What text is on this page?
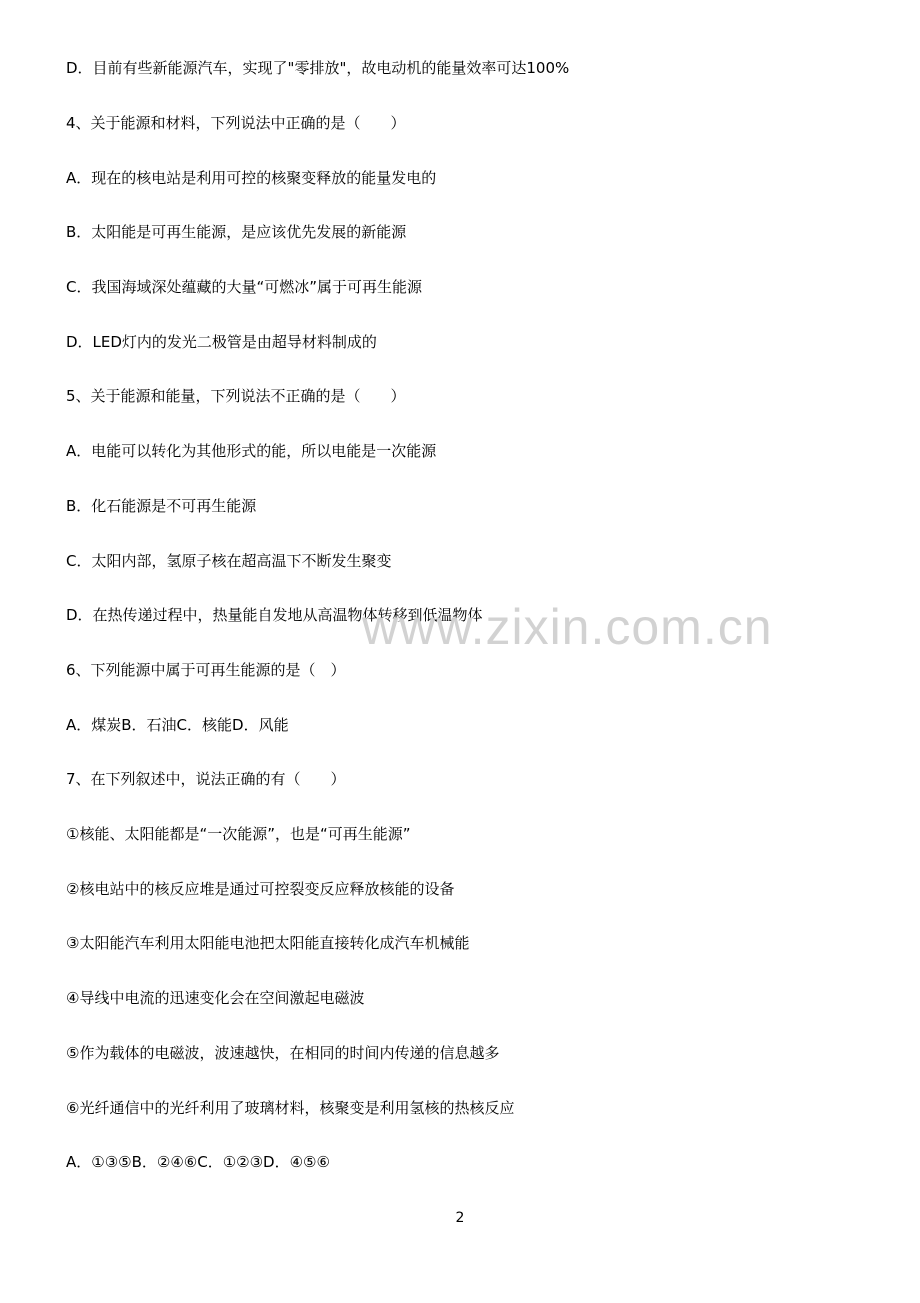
D．目前有些新能源汽车，实现了"零排放"，故电动机的能量效率可达100%
4、关于能源和材料，下列说法中正确的是（　　）
A．现在的核电站是利用可控的核聚变释放的能量发电的
B．太阳能是可再生能源，是应该优先发展的新能源
C．我国海域深处蕴藏的大量“可燃冰”属于可再生能源
D．LED灯内的发光二极管是由超导材料制成的
5、关于能源和能量，下列说法不正确的是（　　）
A．电能可以转化为其他形式的能，所以电能是一次能源
B．化石能源是不可再生能源
C．太阳内部，氢原子核在超高温下不断发生聚变
D．在热传递过程中，热量能自发地从高温物体转移到低温物体
6、下列能源中属于可再生能源的是（　）
A．煤炭B．石油C．核能D．风能
7、在下列叙述中，说法正确的有（　　）
①核能、太阳能都是“一次能源”，也是“可再生能源”
②核电站中的核反应堆是通过可控裂变反应释放核能的设备
③太阳能汽车利用太阳能电池把太阳能直接转化成汽车机械能
④导线中电流的迅速变化会在空间激起电磁波
⑤作为载体的电磁波，波速越快，在相同的时间内传递的信息越多
⑥光纤通信中的光纤利用了玻璃材料，核聚变是利用氢核的热核反应
A．①③⑤B．②④⑥C．①②③D．④⑤⑥
www.zixin.com.cn
2
